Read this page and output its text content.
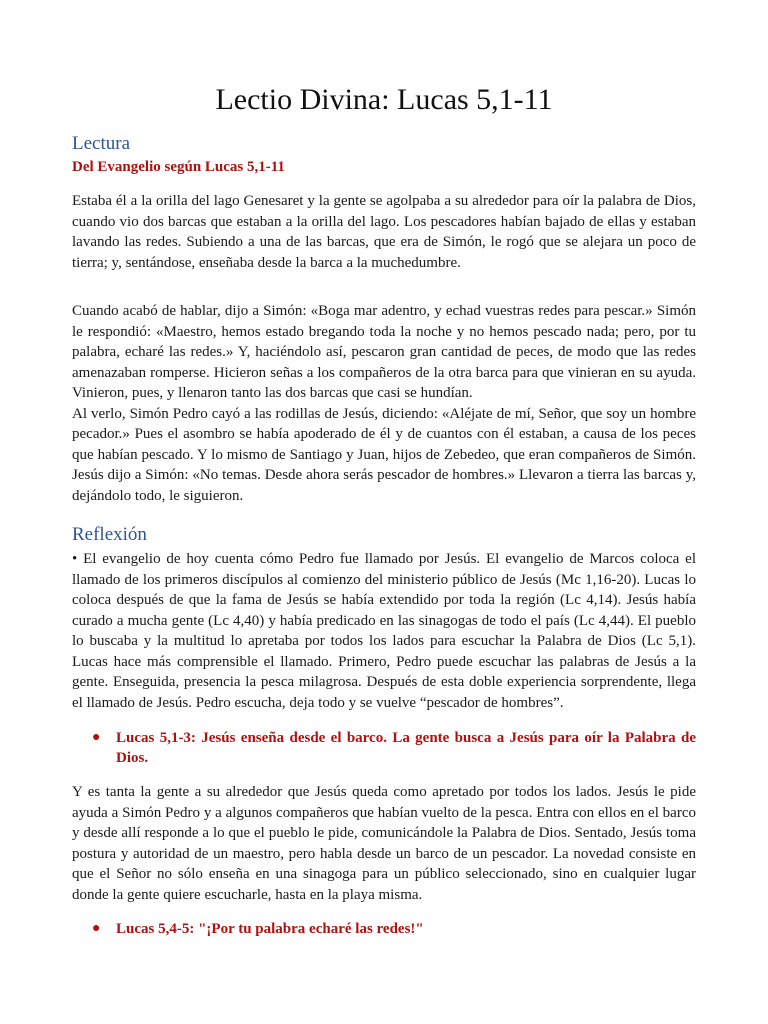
Lectio Divina: Lucas 5,1-11
Lectura
Del Evangelio según Lucas 5,1-11

Estaba él a la orilla del lago Genesaret y la gente se agolpaba a su alrededor para oír la palabra de Dios, cuando vio dos barcas que estaban a la orilla del lago. Los pescadores habían bajado de ellas y estaban lavando las redes. Subiendo a una de las barcas, que era de Simón, le rogó que se alejara un poco de tierra; y, sentándose, enseñaba desde la barca a la muchedumbre.

Cuando acabó de hablar, dijo a Simón: «Boga mar adentro, y echad vuestras redes para pescar.» Simón le respondió: «Maestro, hemos estado bregando toda la noche y no hemos pescado nada; pero, por tu palabra, echaré las redes.» Y, haciéndolo así, pescaron gran cantidad de peces, de modo que las redes amenazaban romperse. Hicieron señas a los compañeros de la otra barca para que vinieran en su ayuda. Vinieron, pues, y llenaron tanto las dos barcas que casi se hundían.

Al verlo, Simón Pedro cayó a las rodillas de Jesús, diciendo: «Aléjate de mí, Señor, que soy un hombre pecador.» Pues el asombro se había apoderado de él y de cuantos con él estaban, a causa de los peces que habían pescado. Y lo mismo de Santiago y Juan, hijos de Zebedeo, que eran compañeros de Simón. Jesús dijo a Simón: «No temas. Desde ahora serás pescador de hombres.» Llevaron a tierra las barcas y, dejándolo todo, le siguieron.

Reflexión

• El evangelio de hoy cuenta cómo Pedro fue llamado por Jesús. El evangelio de Marcos coloca el llamado de los primeros discípulos al comienzo del ministerio público de Jesús (Mc 1,16-20). Lucas lo coloca después de que la fama de Jesús se había extendido por toda la región (Lc 4,14). Jesús había curado a mucha gente (Lc 4,40) y había predicado en las sinagogas de todo el país (Lc 4,44). El pueblo lo buscaba y la multitud lo apretaba por todos los lados para escuchar la Palabra de Dios (Lc 5,1). Lucas hace más comprensible el llamado. Primero, Pedro puede escuchar las palabras de Jesús a la gente. Enseguida, presencia la pesca milagrosa. Después de esta doble experiencia sorprendente, llega el llamado de Jesús. Pedro escucha, deja todo y se vuelve “pescador de hombres”.

● Lucas 5,1-3: Jesús enseña desde el barco. La gente busca a Jesús para oír la Palabra de Dios.

Y es tanta la gente a su alrededor que Jesús queda como apretado por todos los lados. Jesús le pide ayuda a Simón Pedro y a algunos compañeros que habían vuelto de la pesca. Entra con ellos en el barco y desde allí responde a lo que el pueblo le pide, comunicándole la Palabra de Dios. Sentado, Jesús toma postura y autoridad de un maestro, pero habla desde un barco de un pescador. La novedad consiste en que el Señor no sólo enseña en una sinagoga para un público seleccionado, sino en cualquier lugar donde la gente quiere escucharle, hasta en la playa misma.

● Lucas 5,4-5: "¡Por tu palabra echaré las redes!"
